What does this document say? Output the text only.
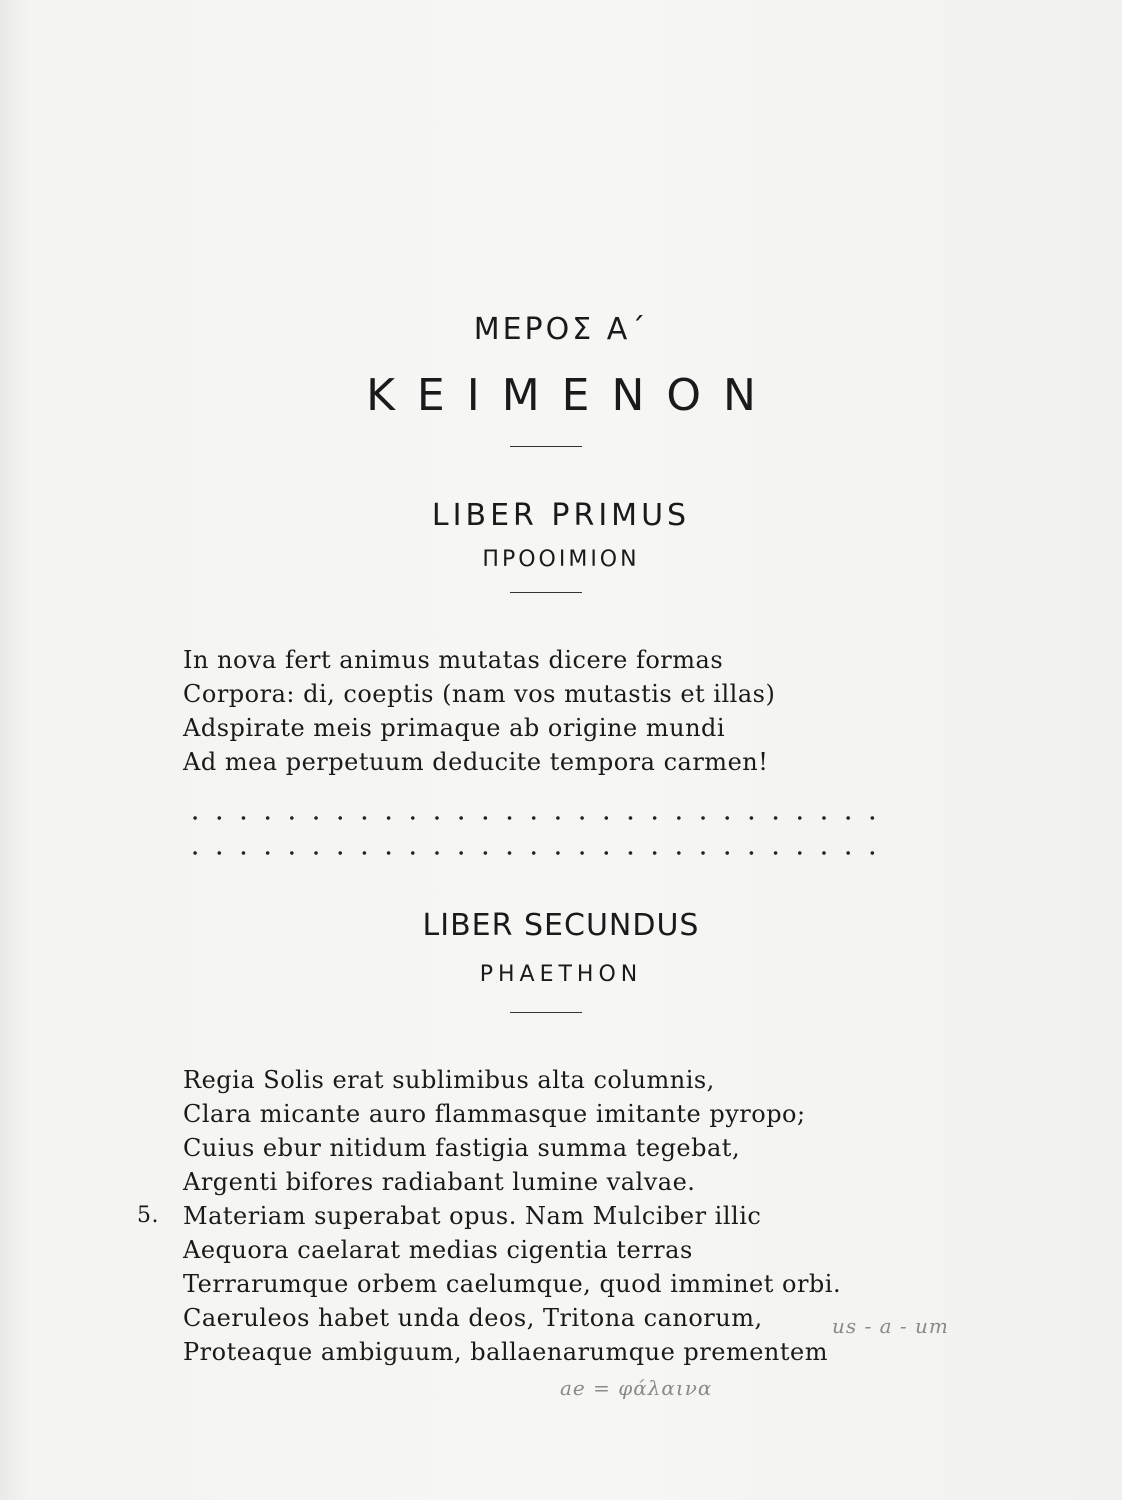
ΜΕΡΟΣ Α΄
ΚΕΙΜΕΝΟΝ
LIBER PRIMUS
ΠΡΟΟΙΜΙΟΝ
In nova fert animus mutatas dicere formas
Corpora: di, coeptis (nam vos mutastis et illas)
Adspirate meis primaque ab origine mundi
Ad mea perpetuum deducite tempora carmen!
LIBER SECUNDUS
PHAETHON
Regia Solis erat sublimibus alta columnis,
Clara micante auro flammasque imitante pyropo;
Cuius ebur nitidum fastigia summa tegebat,
Argenti bifores radiabant lumine valvae.
5. Materiam superabat opus. Nam Mulciber illic
Aequora caelarat medias cigentia terras
Terrarumque orbem caelumque, quod imminet orbi.
Caeruleos habet unda deos, Tritona canorum,
Proteaque ambiguum, ballaenarumque prementem
us - a - um
ae = φάλαινα
